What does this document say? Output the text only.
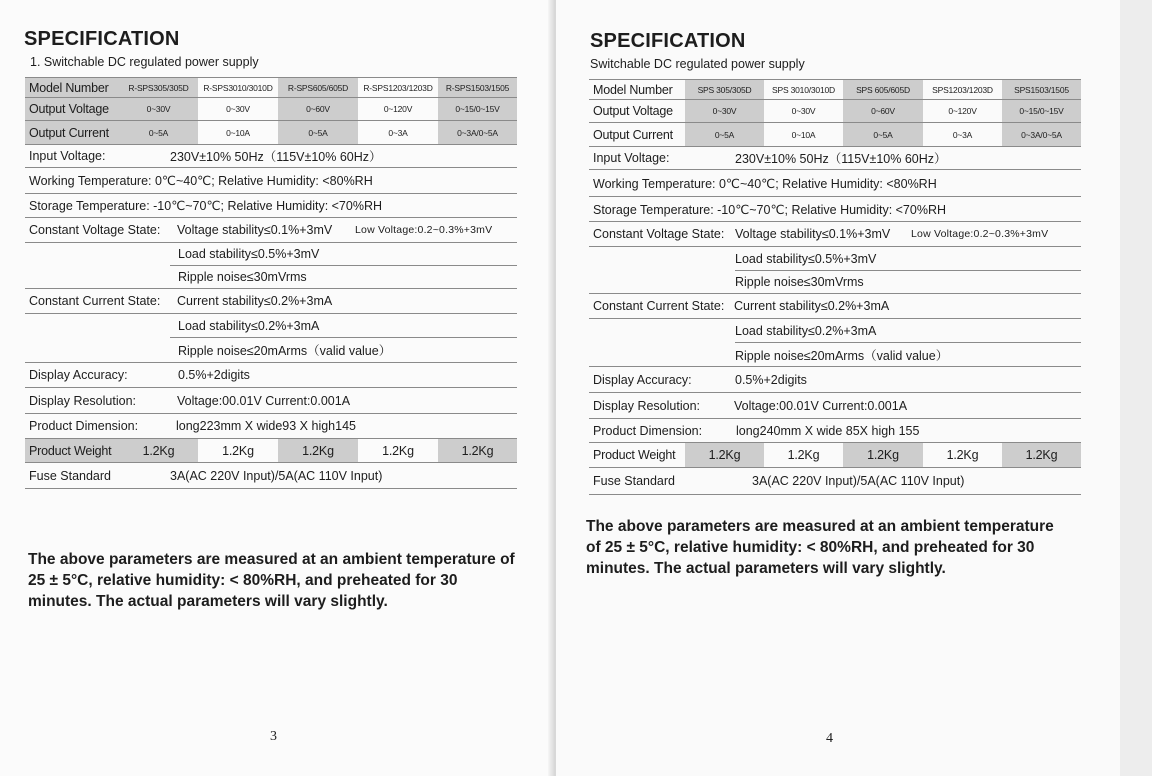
SPECIFICATION
1. Switchable DC regulated power supply
Model Number	R-SPS305/305D	R-SPS3010/3010D	R-SPS605/605D	R-SPS1203/1203D	R-SPS1503/1505
Output Voltage	0~30V	0~30V	0~60V	0~120V	0~15/0~15V
Output Current	0~5A	0~10A	0~5A	0~3A	0~3A/0~5A
Input Voltage:	230V±10% 50Hz（115V±10% 60Hz）
Working Temperature: 0℃~40℃; Relative Humidity: <80%RH
Storage Temperature: -10℃~70℃; Relative Humidity: <70%RH
Constant Voltage State: Voltage stability≤0.1%+3mV Low Voltage:0.2~0.3%+3mV
Load stability≤0.5%+3mV
Ripple noise≤30mVrms
Constant Current State: Current stability≤0.2%+3mA
Load stability≤0.2%+3mA
Ripple noise≤20mArms（valid value）
Display Accuracy:	0.5%+2digits
Display Resolution:	Voltage:00.01V Current:0.001A
Product Dimension:	long223mm X wide93 X high145
Product Weight	1.2Kg	1.2Kg	1.2Kg	1.2Kg	1.2Kg
Fuse Standard	3A(AC 220V Input)/5A(AC 110V Input)
The above parameters are measured at an ambient temperature of 25 ± 5°C, relative humidity: < 80%RH, and preheated for 30 minutes. The actual parameters will vary slightly.
3
SPECIFICATION
Switchable DC regulated power supply
Model Number	SPS 305/305D	SPS 3010/3010D	SPS 605/605D	SPS1203/1203D	SPS1503/1505
Output Voltage	0~30V	0~30V	0~60V	0~120V	0~15/0~15V
Output Current	0~5A	0~10A	0~5A	0~3A	0~3A/0~5A
Input Voltage:	230V±10% 50Hz（115V±10% 60Hz）
Working Temperature: 0℃~40℃; Relative Humidity: <80%RH
Storage Temperature: -10℃~70℃; Relative Humidity: <70%RH
Constant Voltage State: Voltage stability≤0.1%+3mV Low Voltage:0.2~0.3%+3mV
Load stability≤0.5%+3mV
Ripple noise≤30mVrms
Constant Current State: Current stability≤0.2%+3mA
Load stability≤0.2%+3mA
Ripple noise≤20mArms（valid value）
Display Accuracy:	0.5%+2digits
Display Resolution:	Voltage:00.01V Current:0.001A
Product Dimension:	long240mm X wide 85X high 155
Product Weight	1.2Kg	1.2Kg	1.2Kg	1.2Kg	1.2Kg
Fuse Standard	3A(AC 220V Input)/5A(AC 110V Input)
The above parameters are measured at an ambient temperature of 25 ± 5°C, relative humidity: < 80%RH, and preheated for 30 minutes. The actual parameters will vary slightly.
4
